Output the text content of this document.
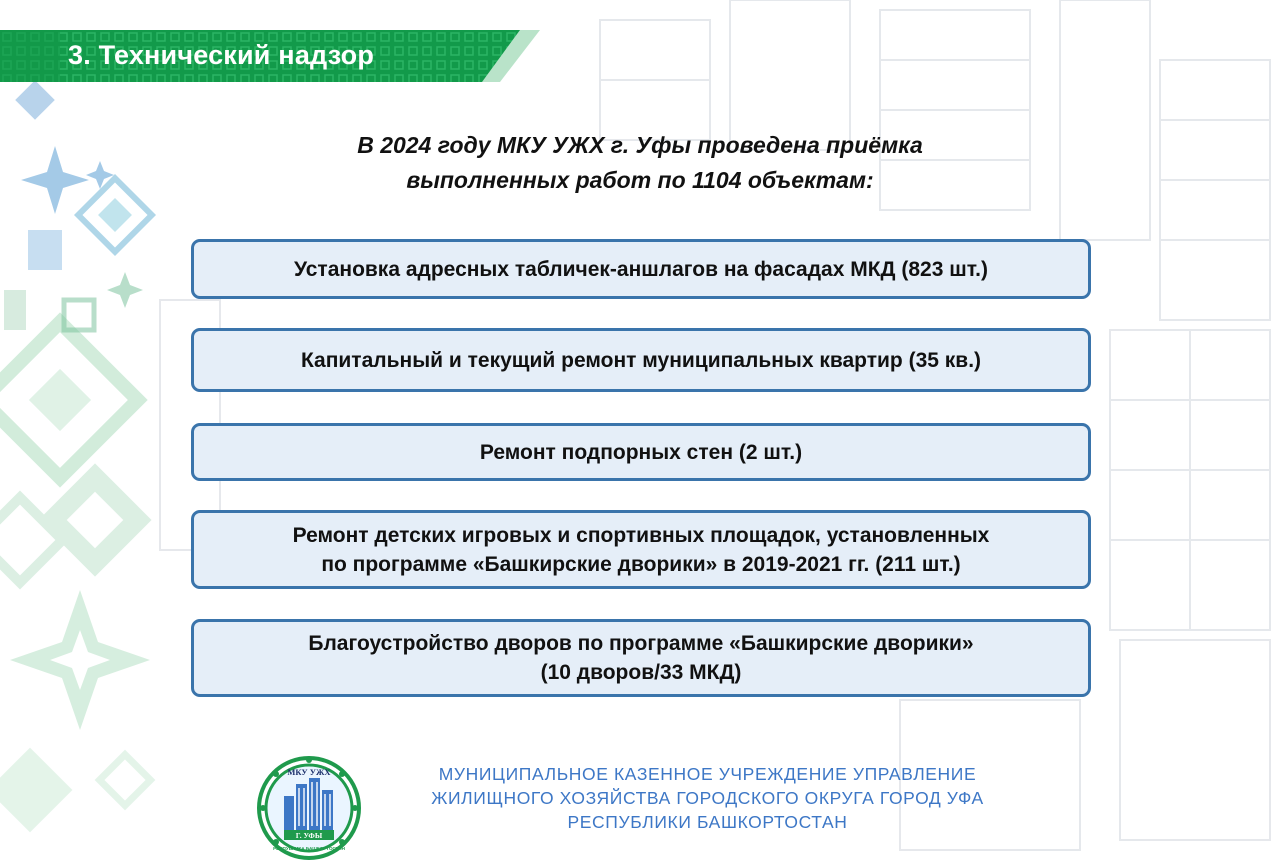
3. Технический надзор
В 2024 году МКУ УЖХ г. Уфы проведена приёмка
выполненных работ по 1104 объектам:
Установка адресных табличек-аншлагов на фасадах МКД (823 шт.)
Капитальный и текущий ремонт муниципальных квартир (35 кв.)
Ремонт подпорных стен (2 шт.)
Ремонт детских игровых и спортивных площадок, установленных
по программе «Башкирские дворики» в 2019-2021 гг. (211 шт.)
Благоустройство дворов по программе «Башкирские дворики»
(10 дворов/33 МКД)
МКУ УЖХ
Г. УФЫ
РЕСПУБЛИКА БАШКОРТОСТАН
МУНИЦИПАЛЬНОЕ КАЗЕННОЕ УЧРЕЖДЕНИЕ УПРАВЛЕНИЕ
ЖИЛИЩНОГО ХОЗЯЙСТВА ГОРОДСКОГО ОКРУГА ГОРОД УФА
РЕСПУБЛИКИ БАШКОРТОСТАН
